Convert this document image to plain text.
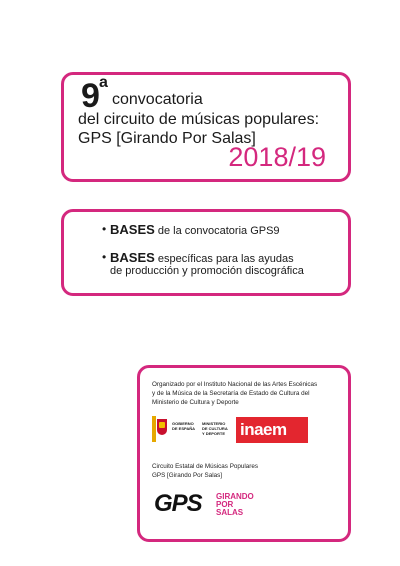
9 a
convocatoria
del circuito de músicas populares:
GPS [Girando Por Salas]
2018/19
• BASES de la convocatoria GPS9
• BASES específicas para las ayudas
de producción y promoción discográfica
Organizado por el Instituto Nacional de las Artes Escénicas
y de la Música de la Secretaría de Estado de Cultura del
Ministerio de Cultura y Deporte
GOBIERNO
DE ESPAÑA
MINISTERIO
DE CULTURA
Y DEPORTE inaem
Circuito Estatal de Músicas Populares
GPS [Girando Por Salas]
GPS GIRANDO
POR
SALAS
